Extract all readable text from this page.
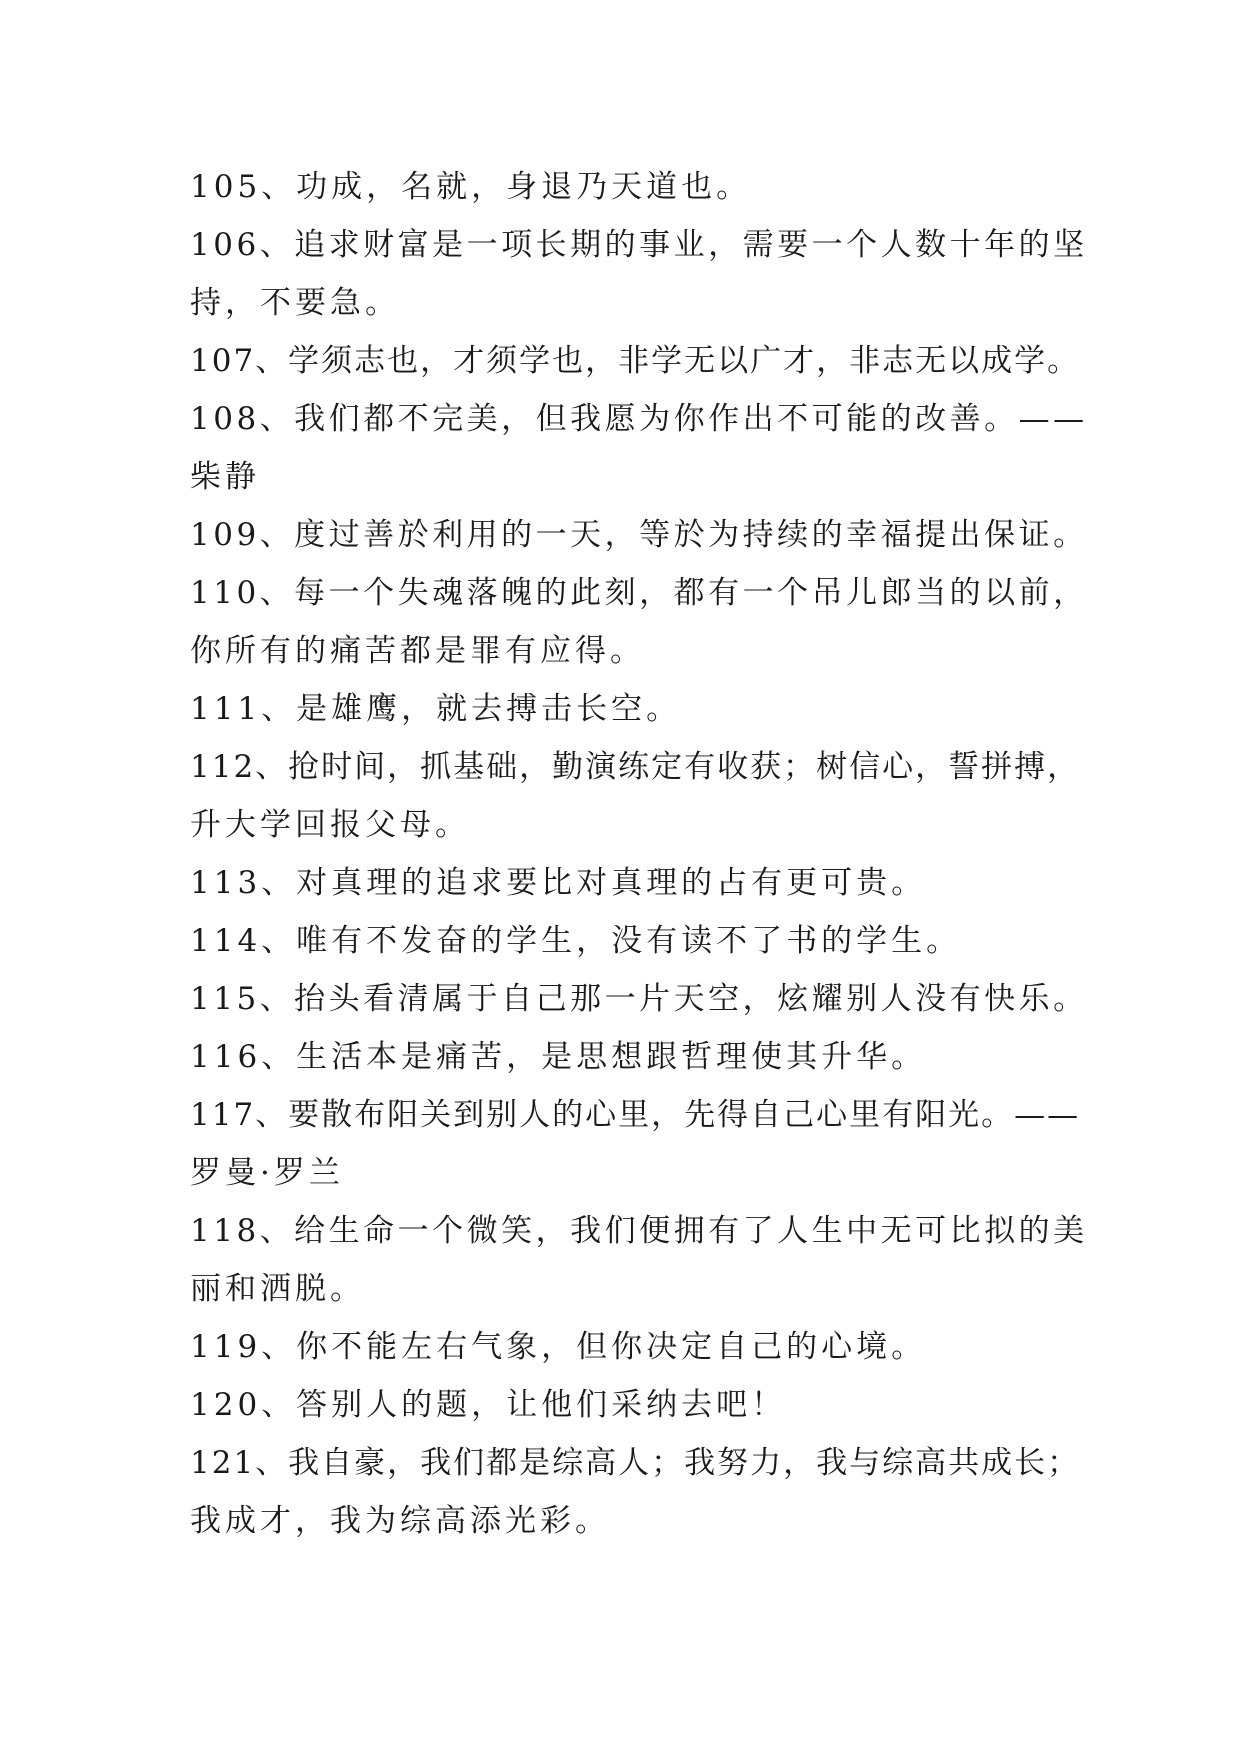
105、功成，名就，身退乃天道也。
106、追求财富是一项长期的事业，需要一个人数十年的坚
持，不要急。
107、学须志也，才须学也，非学无以广才，非志无以成学。
108、我们都不完美，但我愿为你作出不可能的改善。——
柴静
109、度过善於利用的一天，等於为持续的幸福提出保证。
110、每一个失魂落魄的此刻，都有一个吊儿郎当的以前，
你所有的痛苦都是罪有应得。
111、是雄鹰，就去搏击长空。
112、抢时间，抓基础，勤演练定有收获；树信心，誓拼搏，
升大学回报父母。
113、对真理的追求要比对真理的占有更可贵。
114、唯有不发奋的学生，没有读不了书的学生。
115、抬头看清属于自己那一片天空，炫耀别人没有快乐。
116、生活本是痛苦，是思想跟哲理使其升华。
117、要散布阳关到别人的心里，先得自己心里有阳光。——
罗曼·罗兰
118、给生命一个微笑，我们便拥有了人生中无可比拟的美
丽和洒脱。
119、你不能左右气象，但你决定自己的心境。
120、答别人的题，让他们采纳去吧！
121、我自豪，我们都是综高人；我努力，我与综高共成长；
我成才，我为综高添光彩。
